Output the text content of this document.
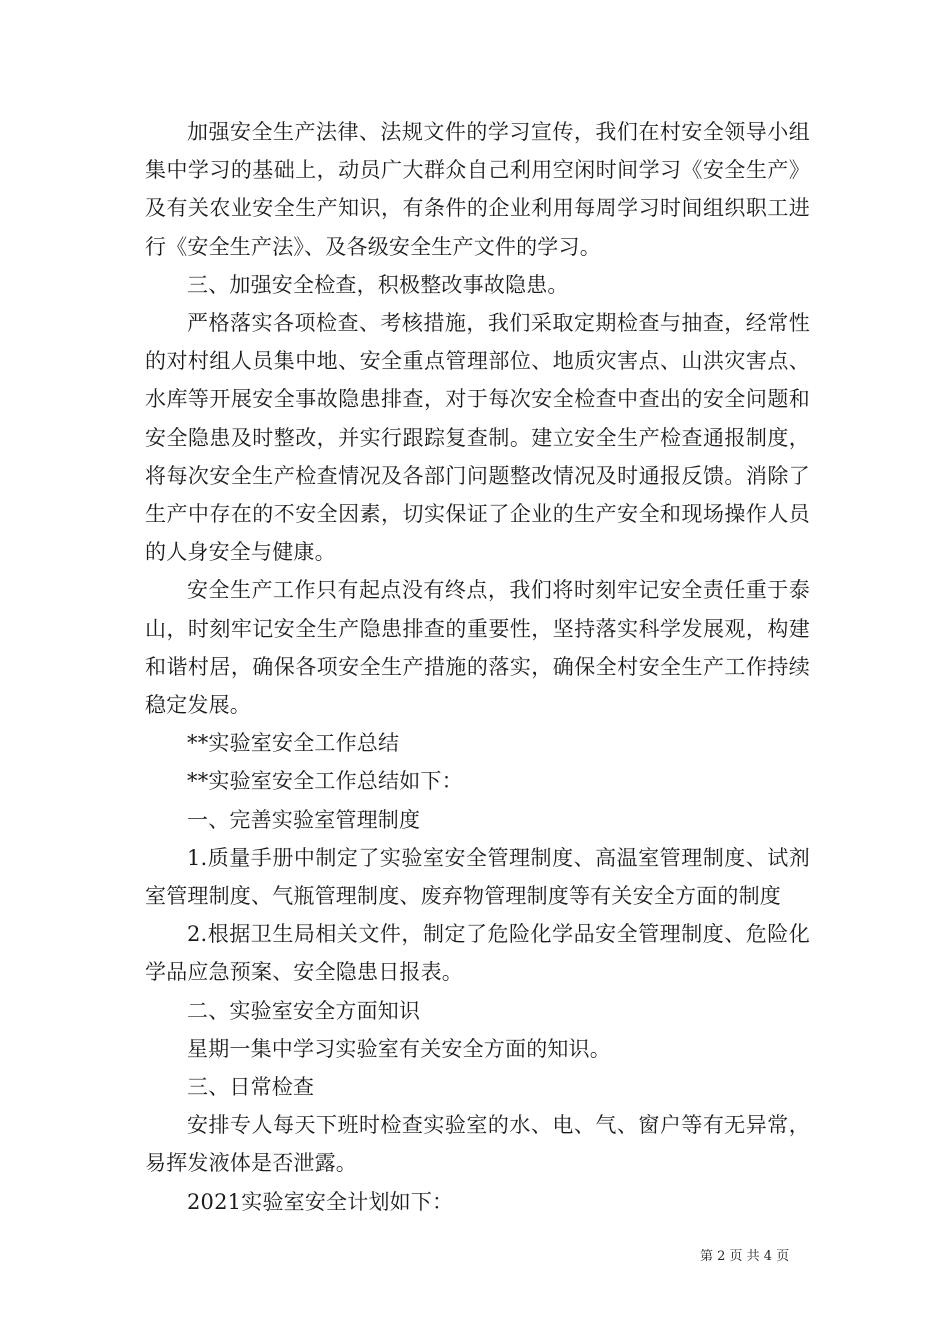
加强安全生产法律、法规文件的学习宣传，我们在村安全领导小组集中学习的基础上，动员广大群众自己利用空闲时间学习《安全生产》及有关农业安全生产知识，有条件的企业利用每周学习时间组织职工进行《安全生产法》、及各级安全生产文件的学习。

三、加强安全检查，积极整改事故隐患。

严格落实各项检查、考核措施，我们采取定期检查与抽查，经常性的对村组人员集中地、安全重点管理部位、地质灾害点、山洪灾害点、水库等开展安全事故隐患排查，对于每次安全检查中查出的安全问题和安全隐患及时整改，并实行跟踪复查制。建立安全生产检查通报制度，将每次安全生产检查情况及各部门问题整改情况及时通报反馈。消除了生产中存在的不安全因素，切实保证了企业的生产安全和现场操作人员的人身安全与健康。

安全生产工作只有起点没有终点，我们将时刻牢记安全责任重于泰山，时刻牢记安全生产隐患排查的重要性，坚持落实科学发展观，构建和谐村居，确保各项安全生产措施的落实，确保全村安全生产工作持续稳定发展。

**实验室安全工作总结

**实验室安全工作总结如下：

一、完善实验室管理制度

1.质量手册中制定了实验室安全管理制度、高温室管理制度、试剂室管理制度、气瓶管理制度、废弃物管理制度等有关安全方面的制度

2.根据卫生局相关文件，制定了危险化学品安全管理制度、危险化学品应急预案、安全隐患日报表。

二、实验室安全方面知识

星期一集中学习实验室有关安全方面的知识。

三、日常检查

安排专人每天下班时检查实验室的水、电、气、窗户等有无异常，易挥发液体是否泄露。

2021实验室安全计划如下：

第 2 页 共 4 页
